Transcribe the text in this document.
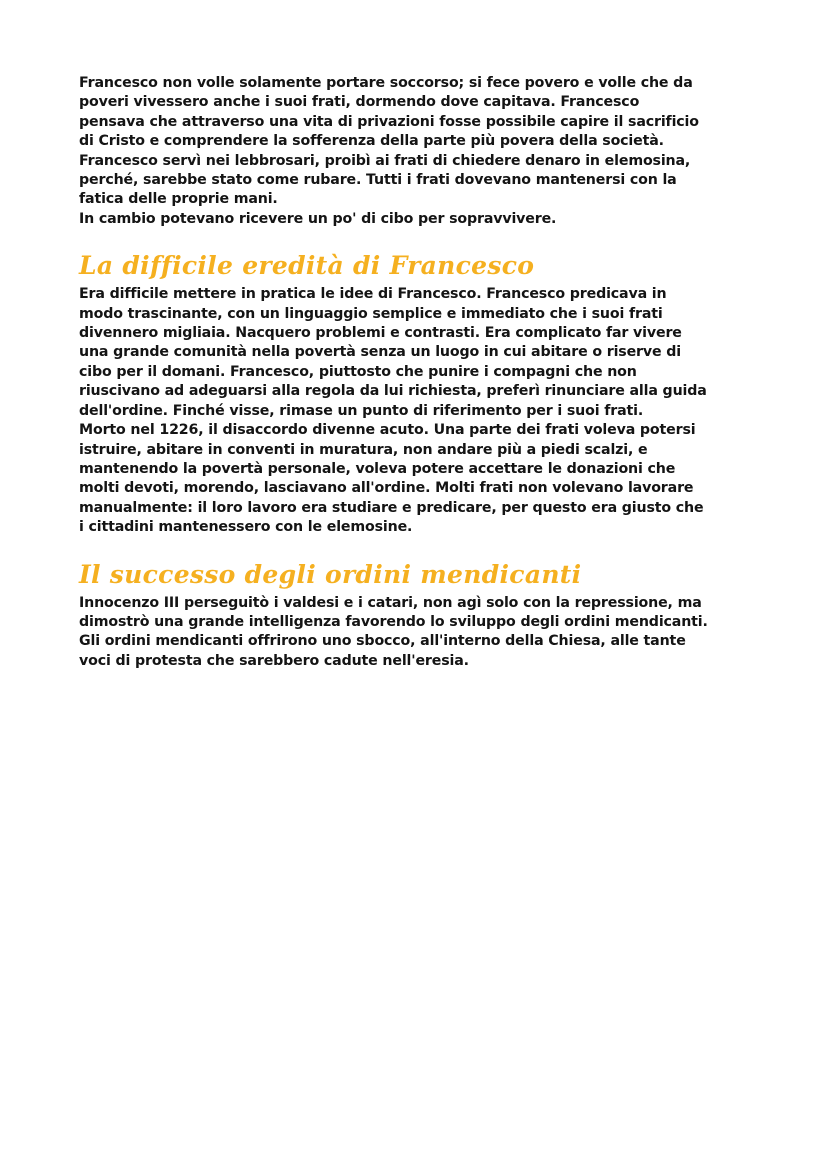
Francesco non volle solamente portare soccorso; si fece povero e volle che da
poveri vivessero anche i suoi frati, dormendo dove capitava. Francesco
pensava che attraverso una vita di privazioni fosse possibile capire il sacrificio
di Cristo e comprendere la sofferenza della parte più povera della società.
Francesco servì nei lebbrosari, proibì ai frati di chiedere denaro in elemosina,
perché, sarebbe stato come rubare. Tutti i frati dovevano mantenersi con la
fatica delle proprie mani.
In cambio potevano ricevere un po' di cibo per sopravvivere.

La difficile eredità di Francesco

Era difficile mettere in pratica le idee di Francesco. Francesco predicava in
modo trascinante, con un linguaggio semplice e immediato che i suoi frati
divennero migliaia. Nacquero problemi e contrasti. Era complicato far vivere
una grande comunità nella povertà senza un luogo in cui abitare o riserve di
cibo per il domani. Francesco, piuttosto che punire i compagni che non
riuscivano ad adeguarsi alla regola da lui richiesta, preferì rinunciare alla guida
dell'ordine. Finché visse, rimase un punto di riferimento per i suoi frati.
Morto nel 1226, il disaccordo divenne acuto. Una parte dei frati voleva potersi
istruire, abitare in conventi in muratura, non andare più a piedi scalzi, e
mantenendo la povertà personale, voleva potere accettare le donazioni che
molti devoti, morendo, lasciavano all'ordine. Molti frati non volevano lavorare
manualmente: il loro lavoro era studiare e predicare, per questo era giusto che
i cittadini mantenessero con le elemosine.

Il successo degli ordini mendicanti

Innocenzo III perseguitò i valdesi e i catari, non agì solo con la repressione, ma
dimostrò una grande intelligenza favorendo lo sviluppo degli ordini mendicanti.
Gli ordini mendicanti offrirono uno sbocco, all'interno della Chiesa, alle tante
voci di protesta che sarebbero cadute nell'eresia.
